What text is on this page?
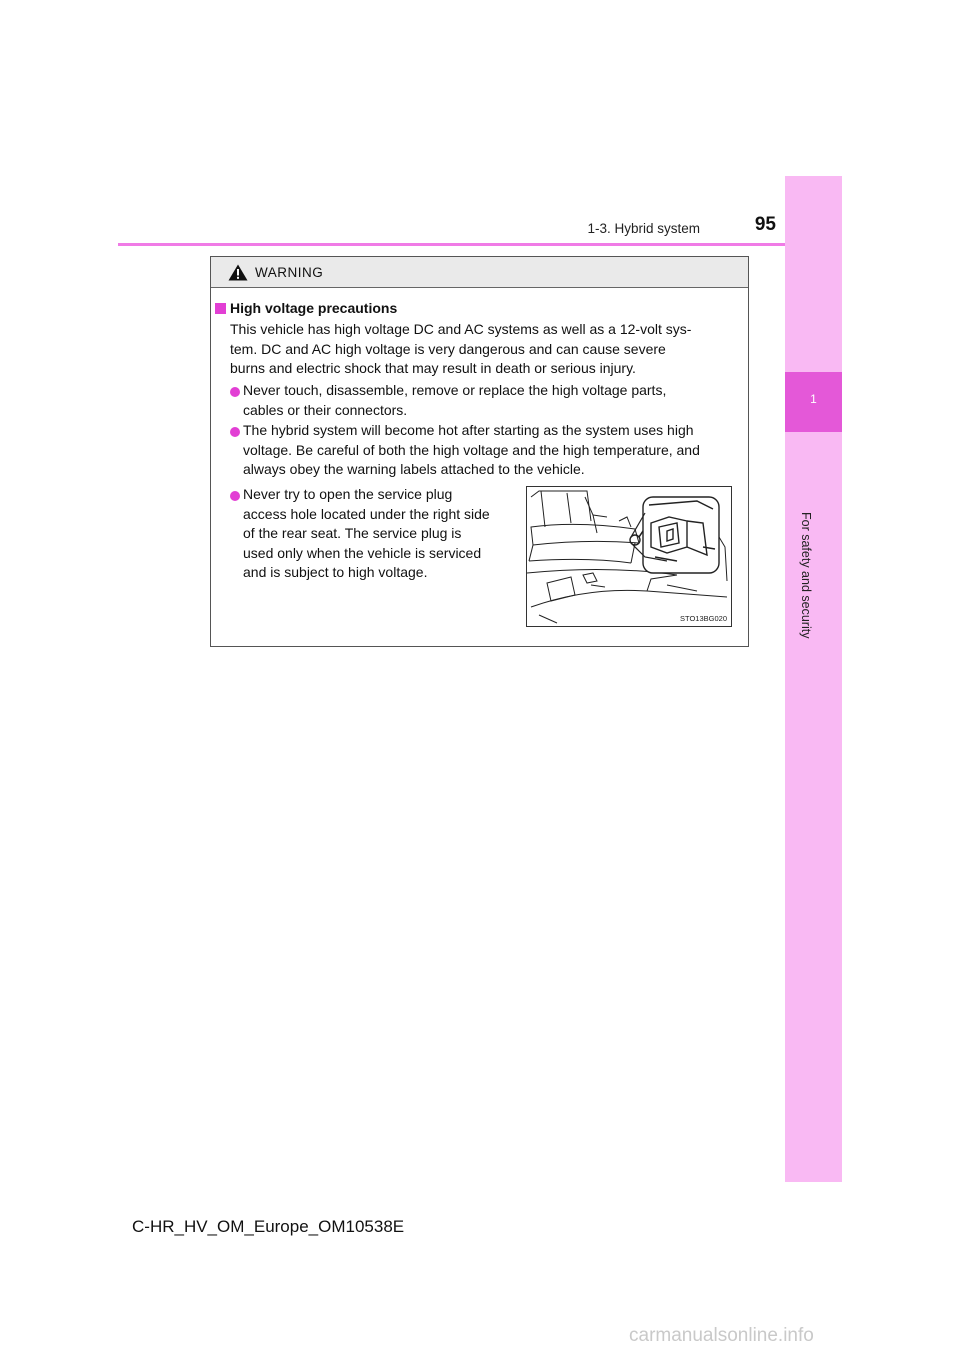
1
For safety and security
1-3. Hybrid system	95
WARNING
High voltage precautions
This vehicle has high voltage DC and AC systems as well as a 12-volt sys-
tem. DC and AC high voltage is very dangerous and can cause severe
burns and electric shock that may result in death or serious injury.
Never touch, disassemble, remove or replace the high voltage parts,
cables or their connectors.
The hybrid system will become hot after starting as the system uses high
voltage. Be careful of both the high voltage and the high temperature, and
always obey the warning labels attached to the vehicle.
Never try to open the service plug
access hole located under the right side
of the rear seat. The service plug is
used only when the vehicle is serviced
and is subject to high voltage.
STO13BG020
C-HR_HV_OM_Europe_OM10538E
carmanualsonline.info
